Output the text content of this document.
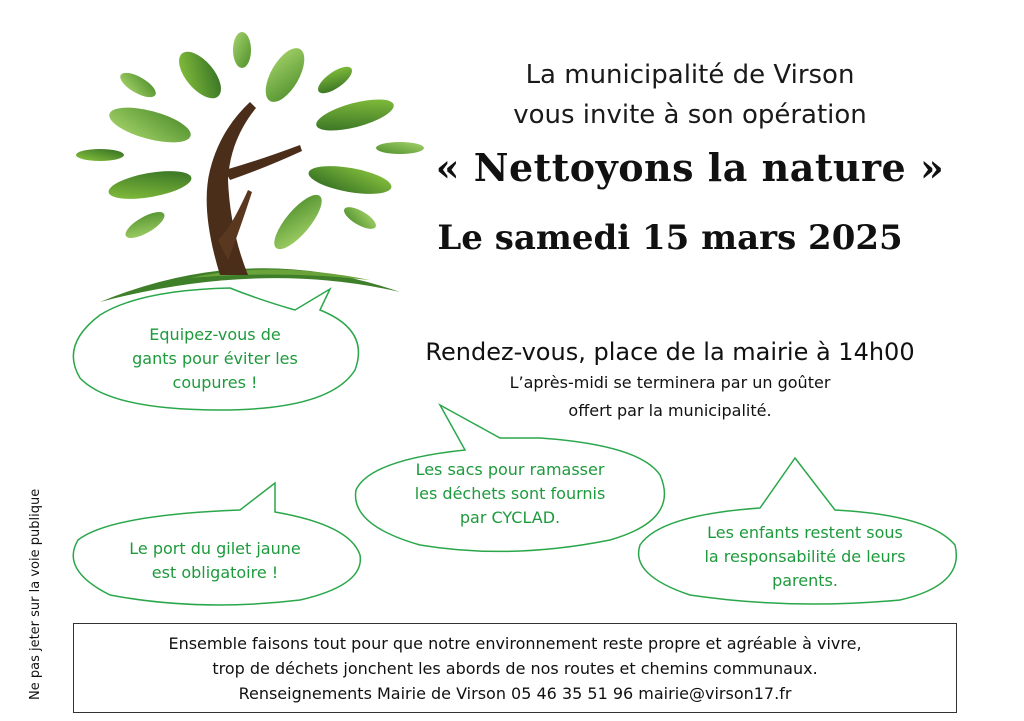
La municipalité de Virson
vous invite à son opération
« Nettoyons la nature »
Le samedi 15 mars 2025
Rendez-vous, place de la mairie à 14h00
L’après-midi se terminera par un goûter
offert par la municipalité.
Equipez-vous de
gants pour éviter les
coupures !
Les sacs pour ramasser
les déchets sont fournis
par CYCLAD.
Le port du gilet jaune
est obligatoire !
Les enfants restent sous
la responsabilité de leurs
parents.
Ne pas jeter sur la voie publique	Ensemble faisons tout pour que notre environnement reste propre et agréable à vivre,
trop de déchets jonchent les abords de nos routes et chemins communaux.
Renseignements Mairie de Virson 05 46 35 51 96 mairie@virson17.fr
